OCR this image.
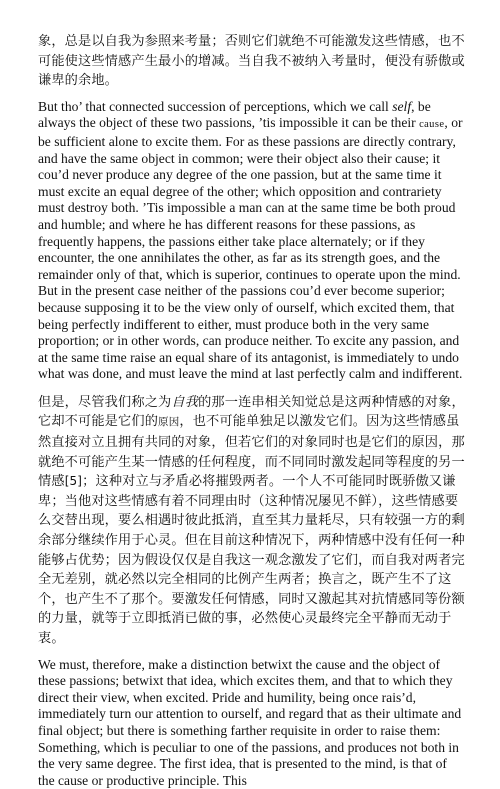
象，总是以自我为参照来考量；否则它们就绝不可能激发这些情感，也不可能使这些情感产生最小的增减。当自我不被纳入考量时，便没有骄傲或谦卑的余地。

But tho’ that connected succession of perceptions, which we call self, be always the object of these two passions, ’tis impossible it can be their cause, or be sufficient alone to excite them. For as these passions are directly contrary, and have the same object in common; were their object also their cause; it cou’d never produce any degree of the one passion, but at the same time it must excite an equal degree of the other; which opposition and contrariety must destroy both. ’Tis impossible a man can at the same time be both proud and humble; and where he has different reasons for these passions, as frequently happens, the passions either take place alternately; or if they encounter, the one annihilates the other, as far as its strength goes, and the remainder only of that, which is superior, continues to operate upon the mind. But in the present case neither of the passions cou’d ever become superior; because supposing it to be the view only of ourself, which excited them, that being perfectly indifferent to either, must produce both in the very same proportion; or in other words, can produce neither. To excite any passion, and at the same time raise an equal share of its antagonist, is immediately to undo what was done, and must leave the mind at last perfectly calm and indifferent.

但是，尽管我们称之为自我的那一连串相关知觉总是这两种情感的对象，它却不可能是它们的原因，也不可能单独足以激发它们。因为这些情感虽然直接对立且拥有共同的对象，但若它们的对象同时也是它们的原因，那就绝不可能产生某一情感的任何程度，而不同同时激发起同等程度的另一情感[5]；这种对立与矛盾必将摧毁两者。一个人不可能同时既骄傲又谦卑；当他对这些情感有着不同理由时（这种情况屡见不鲜），这些情感要么交替出现，要么相遇时彼此抵消，直至其力量耗尽，只有较强一方的剩余部分继续作用于心灵。但在目前这种情况下，两种情感中没有任何一种能够占优势；因为假设仅仅是自我这一观念激发了它们，而自我对两者完全无差别，就必然以完全相同的比例产生两者；换言之，既产生不了这个，也产生不了那个。要激发任何情感，同时又激起其对抗情感同等份额的力量，就等于立即抵消已做的事，必然使心灵最终完全平静而无动于衷。

We must, therefore, make a distinction betwixt the cause and the object of these passions; betwixt that idea, which excites them, and that to which they direct their view, when excited. Pride and humility, being once rais’d, immediately turn our attention to ourself, and regard that as their ultimate and final object; but there is something farther requisite in order to raise them: Something, which is peculiar to one of the passions, and produces not both in the very same degree. The first idea, that is presented to the mind, is that of the cause or productive principle. This
